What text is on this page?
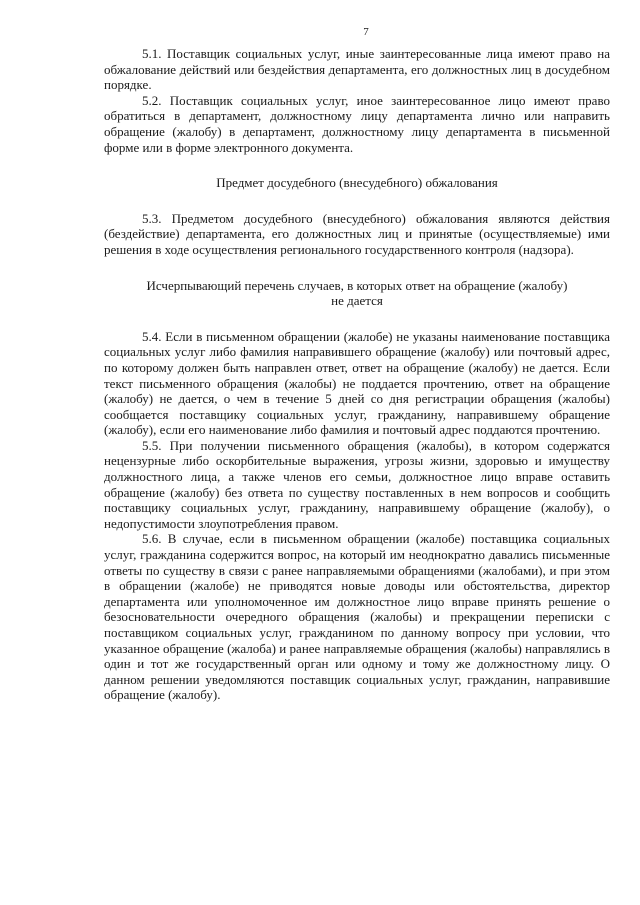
7

5.1. Поставщик социальных услуг, иные заинтересованные лица имеют право на обжалование действий или бездействия департамента, его должностных лиц в досудебном порядке.

5.2. Поставщик социальных услуг, иное заинтересованное лицо имеют право обратиться в департамент, должностному лицу департамента лично или направить обращение (жалобу) в департамент, должностному лицу департамента в письменной форме или в форме электронного документа.

Предмет досудебного (внесудебного) обжалования

5.3. Предметом досудебного (внесудебного) обжалования являются действия (бездействие) департамента, его должностных лиц и принятые (осуществляемые) ими решения в ходе осуществления регионального государственного контроля (надзора).

Исчерпывающий перечень случаев, в которых ответ на обращение (жалобу) не дается

5.4. Если в письменном обращении (жалобе) не указаны наименование поставщика социальных услуг либо фамилия направившего обращение (жалобу) или почтовый адрес, по которому должен быть направлен ответ, ответ на обращение (жалобу) не дается. Если текст письменного обращения (жалобы) не поддается прочтению, ответ на обращение (жалобу) не дается, о чем в течение 5 дней со дня регистрации обращения (жалобы) сообщается поставщику социальных услуг, гражданину, направившему обращение (жалобу), если его наименование либо фамилия и почтовый адрес поддаются прочтению.

5.5. При получении письменного обращения (жалобы), в котором содержатся нецензурные либо оскорбительные выражения, угрозы жизни, здоровью и имуществу должностного лица, а также членов его семьи, должностное лицо вправе оставить обращение (жалобу) без ответа по существу поставленных в нем вопросов и сообщить поставщику социальных услуг, гражданину, направившему обращение (жалобу), о недопустимости злоупотребления правом.

5.6. В случае, если в письменном обращении (жалобе) поставщика социальных услуг, гражданина содержится вопрос, на который им неоднократно давались письменные ответы по существу в связи с ранее направляемыми обращениями (жалобами), и при этом в обращении (жалобе) не приводятся новые доводы или обстоятельства, директор департамента или уполномоченное им должностное лицо вправе принять решение о безосновательности очередного обращения (жалобы) и прекращении переписки с поставщиком социальных услуг, гражданином по данному вопросу при условии, что указанное обращение (жалоба) и ранее направляемые обращения (жалобы) направлялись в один и тот же государственный орган или одному и тому же должностному лицу. О данном решении уведомляются поставщик социальных услуг, гражданин, направившие обращение (жалобу).
